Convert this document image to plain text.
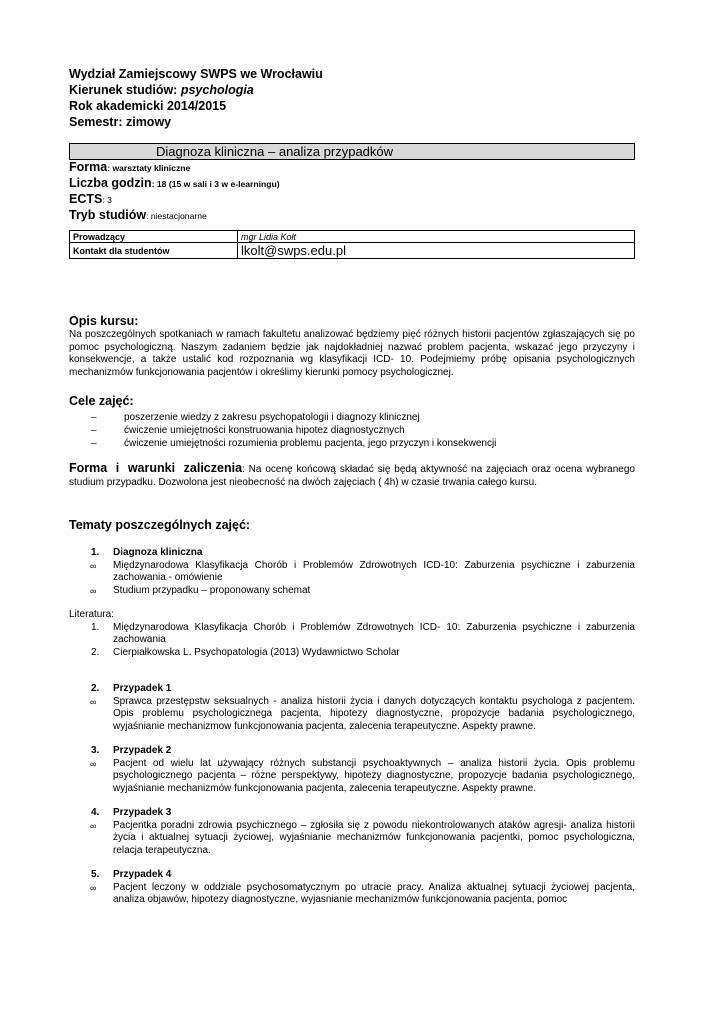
Wydział Zamiejscowy SWPS we Wrocławiu
Kierunek studiów: psychologia
Rok akademicki 2014/2015
Semestr: zimowy
Diagnoza kliniczna – analiza przypadków
Forma: warsztaty kliniczne
Liczba godzin: 18 (15 w sali i 3 w e-learningu)
ECTS: 3
Tryb studiów: niestacjonarne
Prowadzący	mgr Lidia Kołt
Kontakt dla studentów	lkolt@swps.edu.pl
Opis kursu:

Na poszczególnych spotkaniach w ramach fakultetu analizować będziemy pięć różnych historii pacjentów zgłaszających się po pomoc psychologiczną. Naszym zadaniem będzie jak najdokładniej nazwać problem pacjenta, wskazać jego przyczyny i konsekwencje, a także ustalić kod rozpoznania wg klasyfikacji ICD- 10. Podejmiemy próbę opisania psychologicznych mechanizmów funkcjonowania pacjentów i określimy kierunki pomocy psychologicznej.

Cele zajęć:
– poszerzenie wiedzy z zakresu psychopatologii i diagnozy klinicznej
– ćwiczenie umiejętności konstruowania hipotez diagnostycznych
– ćwiczenie umiejętności rozumienia problemu pacjenta, jego przyczyn i konsekwencji

Forma i warunki zaliczenia: Na ocenę końcową składać się będą aktywność na zajęciach oraz ocena wybranego studium przypadku. Dozwolona jest nieobecność na dwóch zajęciach ( 4h) w czasie trwania całego kursu.

Tematy poszczególnych zajęć:
1. Diagnoza kliniczna
∞ Międzynarodowa Klasyfikacja Chorób i Problemów Zdrowotnych ICD-10: Zaburzenia psychiczne i zaburzenia zachowania - omówienie
∞ Studium przypadku – proponowany schemat
Literatura:
1. Międzynarodowa Klasyfikacja Chorób i Problemów Zdrowotnych ICD- 10: Zaburzenia psychiczne i zaburzenia zachowania
2. Cierpiałkowska L. Psychopatologia (2013) Wydawnictwo Scholar
2. Przypadek 1
∞ Sprawca przestępstw seksualnych - analiza historii życia i danych dotyczących kontaktu psychologa z pacjentem. Opis problemu psychologicznega pacjenta, hipotezy diagnostyczne, propozycje badania psychologicznego, wyjaśnianie mechanizmow funkcjonowania pacjenta, zalecenia terapeutyczne. Aspekty prawne.
3. Przypadek 2
∞ Pacjent od wielu lat używający różnych substancji psychoaktywnych – analiza historii życia. Opis problemu psychologicznego pacjenta – różne perspektywy, hipotezy diagnostyczne, propozycje badania psychologicznego, wyjaśnianie mechanizmów funkcjonowania pacjenta, zalecenia terapeutyczne. Aspekty prawne.
4. Przypadek 3
∞ Pacjentka poradni zdrowia psychicznego – zgłosiła się z powodu niekontrolowanych ataków agresji- analiza historii życia i aktualnej sytuacji życiowej, wyjaśnianie mechanizmów funkcjonowania pacjentki, pomoc psychologiczna, relacja terapeutyczna.
5. Przypadek 4
∞ Pacjent leczony w oddziale psychosomatycznym po utracie pracy. Analiza aktualnej sytuacji życiowej pacjenta, analiza objawów, hipotezy diagnostyczne, wyjasnianie mechanizmów funkcjonowania pacjenta, pomoc
